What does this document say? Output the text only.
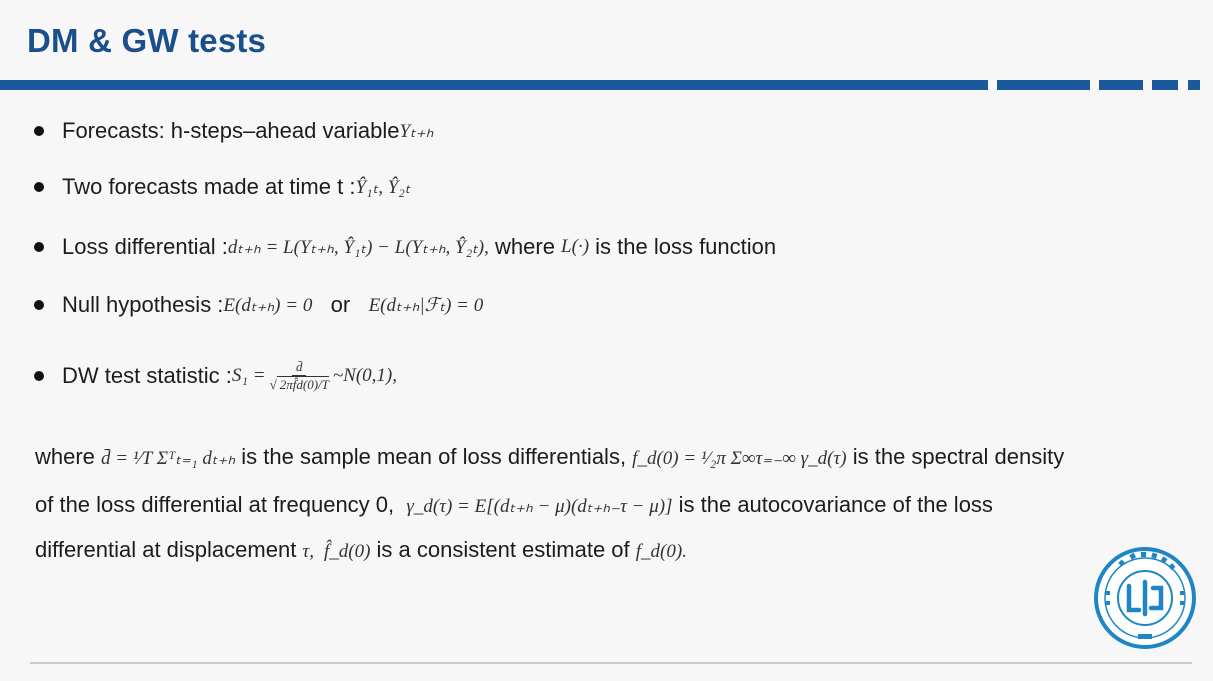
DM & GW tests
Forecasts: h-steps–ahead variable Yₜ₊ₕ
Two forecasts made at time t : Ŷ₁ₜ, Ŷ₂ₜ
Loss differential : dₜ₊ₕ = L(Yₜ₊ₕ, Ŷ₁ₜ) − L(Yₜ₊ₕ, Ŷ₂ₜ), where L(·) is the loss function
Null hypothesis : E(dₜ₊ₕ) = 0 or E(dₜ₊ₕ|ℱₜ) = 0
DW test statistic : $S_1 = \frac{d̄}{√ 2\pi f̂d(0)/T}$ ~N(0,1),
where d̄ = ¹⁄T Σᵀₜ₌₁ dₜ₊ₕ is the sample mean of loss differentials, f_d(0) = ¹⁄₂π Σ∞τ₌₋∞ γ_d(τ) is the spectral density
of the loss differential at frequency 0,  γ_d(τ) = E[(dₜ₊ₕ − μ)(dₜ₊ₕ₋τ − μ)] is the autocovariance of the loss
differential at displacement τ, f̂_d(0) is a consistent estimate of f_d(0).
